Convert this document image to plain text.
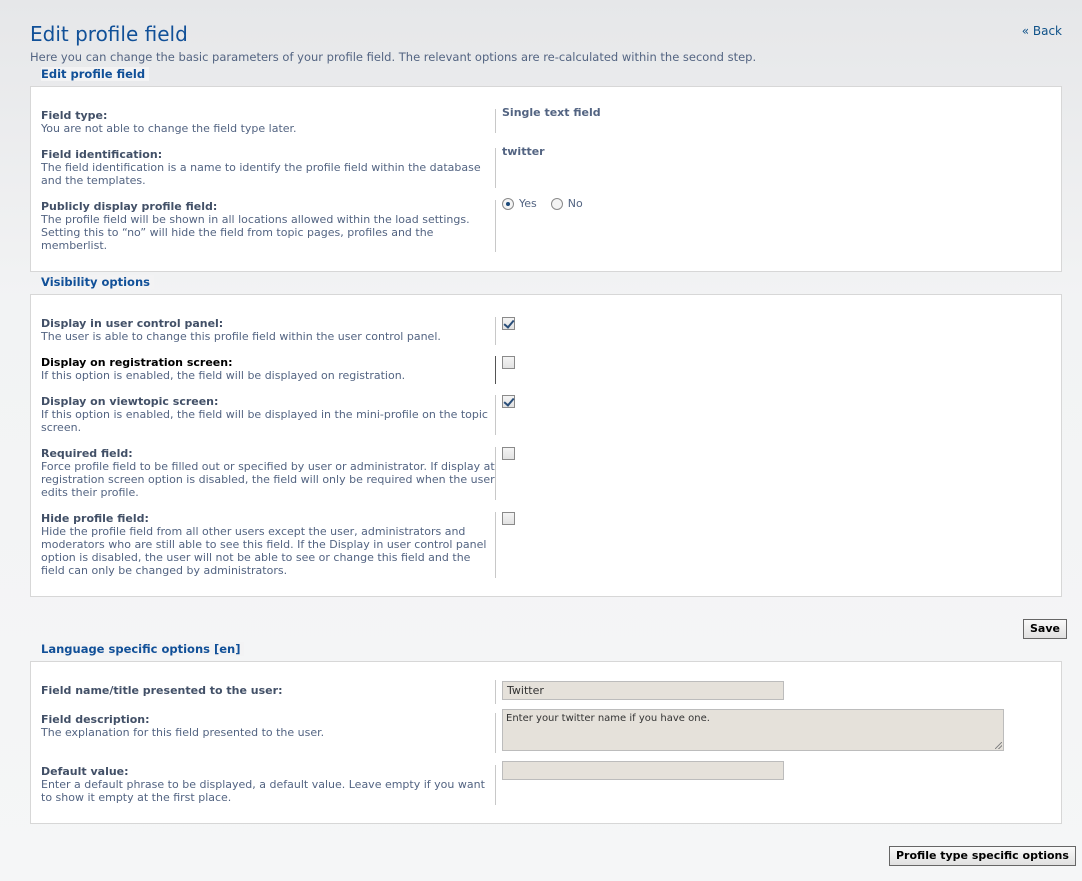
Edit profile field	« Back

Here you can change the basic parameters of your profile field. The relevant options are re-calculated within the second step.

Edit profile field
Field type:
You are not able to change the field type later.
Single text field
Field identification:
The field identification is a name to identify the profile field within the database and the templates.
twitter
Publicly display profile field:
The profile field will be shown in all locations allowed within the load settings. Setting this to “no” will hide the field from topic pages, profiles and the memberlist.
Yes	No
Visibility options
Display in user control panel:
The user is able to change this profile field within the user control panel.
Display on registration screen:
If this option is enabled, the field will be displayed on registration.
Display on viewtopic screen:
If this option is enabled, the field will be displayed in the mini-profile on the topic screen.
Required field:
Force profile field to be filled out or specified by user or administrator. If display at registration screen option is disabled, the field will only be required when the user edits their profile.
Hide profile field:
Hide the profile field from all other users except the user, administrators and moderators who are still able to see this field. If the Display in user control panel option is disabled, the user will not be able to see or change this field and the field can only be changed by administrators.
Save
Language specific options [en]
Field name/title presented to the user:	Twitter
Field description:
The explanation for this field presented to the user.
Enter your twitter name if you have one.
Default value:
Enter a default phrase to be displayed, a default value. Leave empty if you want to show it empty at the first place.
Profile type specific options
